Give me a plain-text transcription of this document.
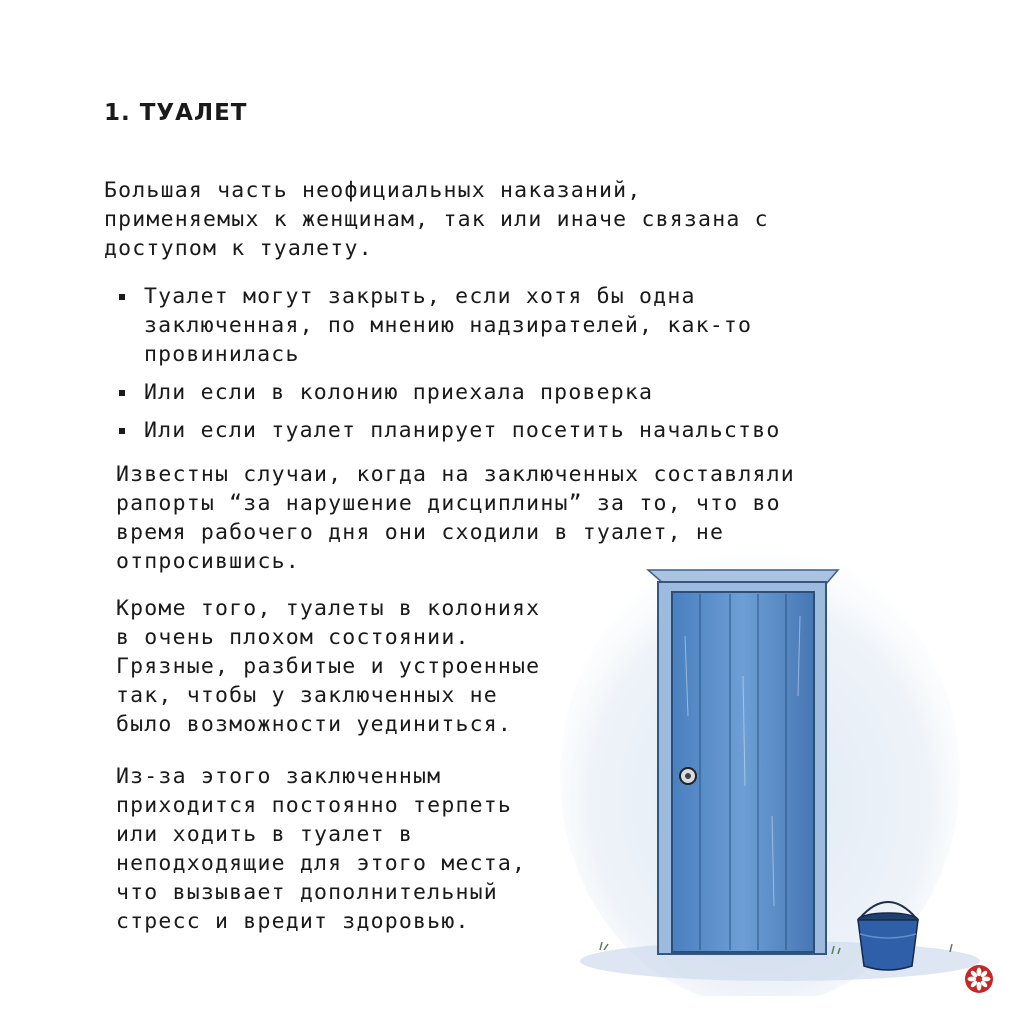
1. ТУАЛЕТ

Большая часть неофициальных наказаний,
применяемых к женщинам, так или иначе связана с
доступом к туалету.

Туалет могут закрыть, если хотя бы одна
заключенная, по мнению надзирателей, как-то
провинилась
Или если в колонию приехала проверка
Или если туалет планирует посетить начальство

Известны случаи, когда на заключенных составляли
рапорты “за нарушение дисциплины” за то, что во
время рабочего дня они сходили в туалет, не
отпросившись.

Кроме того, туалеты в колониях
в очень плохом состоянии.
Грязные, разбитые и устроенные
так, чтобы у заключенных не
было возможности уединиться.

Из-за этого заключенным
приходится постоянно терпеть
или ходить в туалет в
неподходящие для этого места,
что вызывает дополнительный
стресс и вредит здоровью.
